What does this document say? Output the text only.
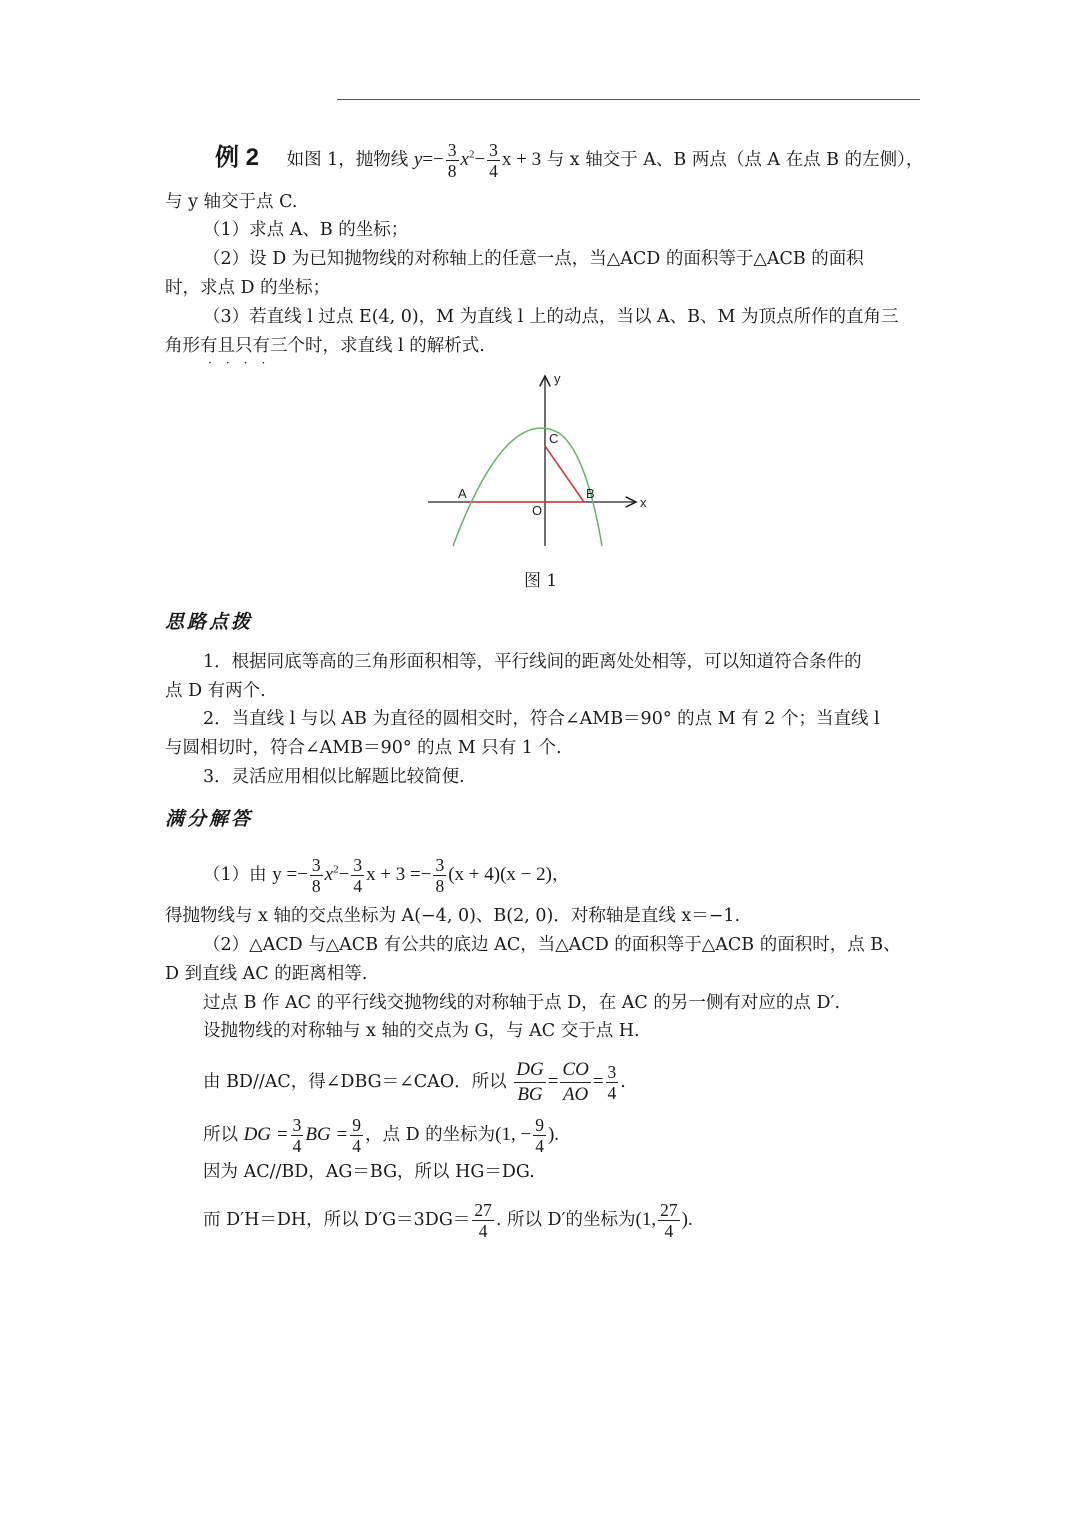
例 2 如图 1，抛物线 $y=- \frac{3}{8} x^2- \frac{3}{4}$ x + 3 与 x 轴交于 A、B 两点（点 A 在点 B 的左侧），
与 y 轴交于点 C.
（1）求点 A、B 的坐标；
（2）设 D 为已知抛物线的对称轴上的任意一点，当△ACD 的面积等于△ACB 的面积
时，求点 D 的坐标；
（3）若直线 l 过点 E(4, 0)，M 为直线 l 上的动点，当以 A、B、M 为顶点所作的直角三
角形有且只有三个时，求直线 l 的解析式.
····
y
x
A	B
C
O
图 1
思路点拨
1．根据同底等高的三角形面积相等，平行线间的距离处处相等，可以知道符合条件的
点 D 有两个.
2．当直线 l 与以 AB 为直径的圆相交时，符合∠AMB＝90° 的点 M 有 2 个；当直线 l
与圆相切时，符合∠AMB＝90° 的点 M 只有 1 个.
3．灵活应用相似比解题比较简便.
满分解答
（1）由 $y =- \frac{3}{8} x^2- \frac{3}{4}$ $x + 3 =- \frac{3}{8} (x + 4)(x - 2)$，
得抛物线与 x 轴的交点坐标为 A(−4, 0)、B(2, 0)．对称轴是直线 x＝−1.
（2）△ACD 与△ACB 有公共的底边 AC，当△ACD 的面积等于△ACB 的面积时，点 B、
D 到直线 AC 的距离相等.
过点 B 作 AC 的平行线交抛物线的对称轴于点 D，在 AC 的另一侧有对应的点 D′.
设抛物线的对称轴与 x 轴的交点为 G，与 AC 交于点 H.
由 BD//AC，得∠DBG＝∠CAO．所以 $\frac{DG}{BG} = \frac{CO}{AO} = \frac{3}{4}$ .
所以 DG = $\frac{3}{4}$ BG = $\frac{9}{4}$ ，点 D 的坐标为(1, − $\frac{9}{4}$ ).
因为 AC//BD，AG＝BG，所以 HG＝DG.
而 D′H＝DH，所以 $D'G=3DG= \frac{27}{4}$ . 所以 D′的坐标为(1, $\frac{27}{4}$ ).
